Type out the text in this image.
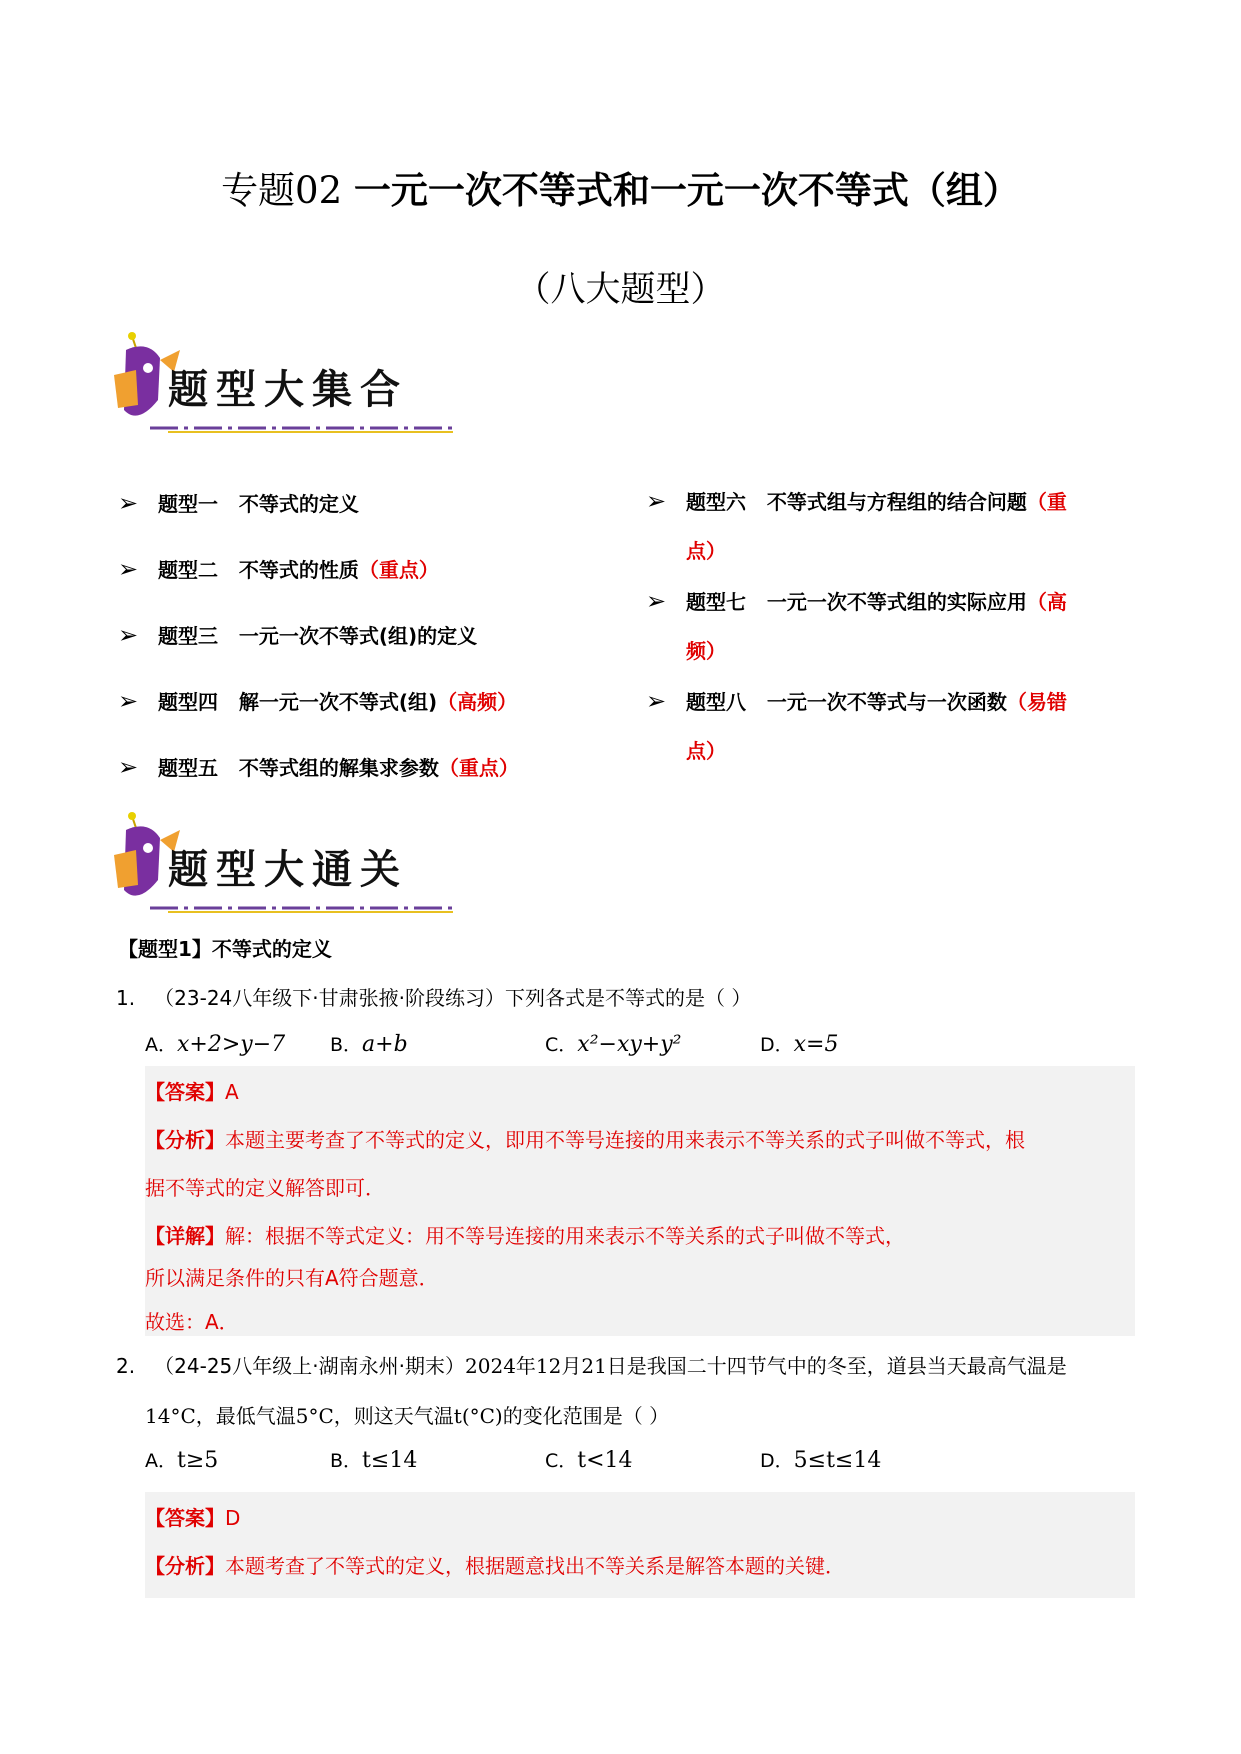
专题02 一元一次不等式和一元一次不等式（组）
（八大题型）
题型大集合
➢ 题型一 不等式的定义
➢ 题型二 不等式的性质（重点）
➢ 题型三 一元一次不等式(组)的定义
➢ 题型四 解一元一次不等式(组)（高频）
➢ 题型五 不等式组的解集求参数（重点）
➢ 题型六 不等式组与方程组的结合问题（重
点）
➢ 题型七 一元一次不等式组的实际应用（高
频）
➢ 题型八 一元一次不等式与一次函数（易错
点）
题型大通关
【题型1】不等式的定义
1. （23-24八年级下·甘肃张掖·阶段练习）下列各式是不等式的是（ ）
A．x+2>y−7 B．a+b	C．x²−xy+y²	D．x=5
【答案】A
【分析】本题主要考查了不等式的定义，即用不等号连接的用来表示不等关系的式子叫做不等式，根
据不等式的定义解答即可．
【详解】解：根据不等式定义：用不等号连接的用来表示不等关系的式子叫做不等式，
所以满足条件的只有A符合题意．
故选：A．
2. （24-25八年级上·湖南永州·期末）2024年12月21日是我国二十四节气中的冬至，道县当天最高气温是
14°C，最低气温5°C，则这天气温t(°C)的变化范围是（ ）
A．t≥5	B．t≤14	C．t<14	D．5≤t≤14
【答案】D
【分析】本题考查了不等式的定义，根据题意找出不等关系是解答本题的关键．
